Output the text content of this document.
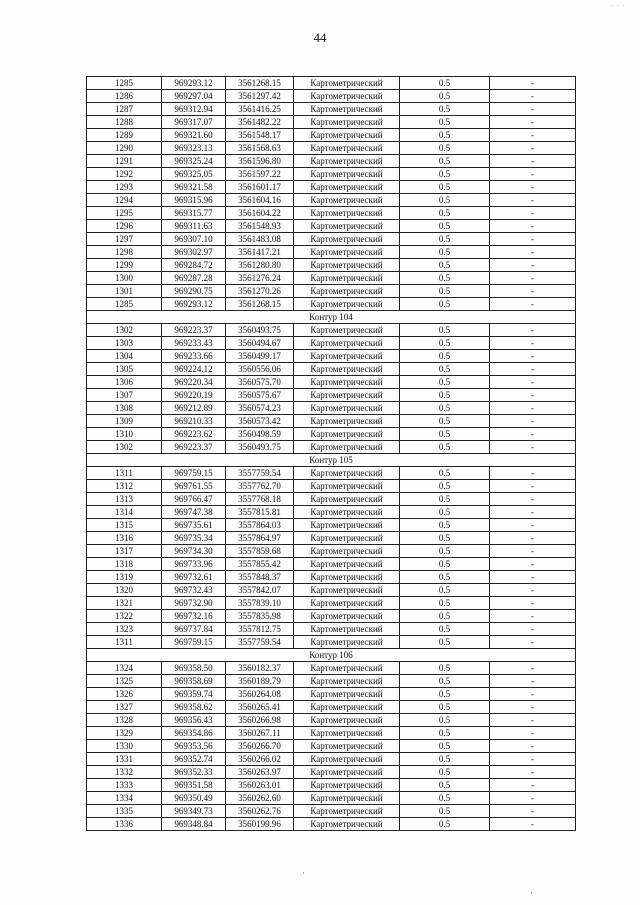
· · ·
44
1285	969293.12	3561268.15	Картометрический	0.5	-
1286	969297.04	3561297.42	Картометрический	0.5	-
1287	969312.94	3561416.25	Картометрический	0.5	-
1288	969317.07	3561482.22	Картометрический	0.5	-
1289	969321.60	3561548.17	Картометрический	0.5	-
1290	969323.13	3561568.63	Картометрический	0.5	-
1291	969325.24	3561596.80	Картометрический	0.5	-
1292	969325.05	3561597.22	Картометрический	0.5	-
1293	969321.58	3561601.17	Картометрический	0.5	-
1294	969315.96	3561604.16	Картометрический	0.5	-
1295	969315.77	3561604.22	Картометрический	0.5	-
1296	969311.63	3561548.93	Картометрический	0.5	-
1297	969307.10	3561483.08	Картометрический	0.5	-
1298	969302.97	3561417.21	Картометрический	0.5	-
1299	969284.72	3561280.80	Картометрический	0.5	-
1300	969287.28	3561276.24	Картометрический	0.5	-
1301	969290.75	3561270.26	Картометрический	0.5	-
1285	969293.12	3561268.15	Картометрический	0.5	-
Контур 104					
1302	969223.37	3560493.75	Картометрический	0.5	-
1303	969233.43	3560494.67	Картометрический	0.5	-
1304	969233.66	3560499.17	Картометрический	0.5	-
1305	969224.12	3560556.06	Картометрический	0.5	-
1306	969220.34	3560575.70	Картометрический	0.5	-
1307	969220.19	3560575.67	Картометрический	0.5	-
1308	969212.89	3560574.23	Картометрический	0.5	-
1309	969210.33	3560573.42	Картометрический	0.5	-
1310	969223.62	3560498.59	Картометрический	0.5	-
1302	969223.37	3560493.75	Картометрический	0.5	-
Контур 105					
1311	969759.15	3557759.54	Картометрический	0.5	-
1312	969761.55	3557762.70	Картометрический	0.5	-
1313	969766.47	3557768.18	Картометрический	0.5	-
1314	969747.38	3557815.81	Картометрический	0.5	-
1315	969735.61	3557864.03	Картометрический	0.5	-
1316	969735.34	3557864.97	Картометрический	0.5	-
1317	969734.30	3557859.68	Картометрический	0.5	-
1318	969733.96	3557855.42	Картометрический	0.5	-
1319	969732.61	3557848.37	Картометрический	0.5	-
1320	969732.43	3557842.07	Картометрический	0.5	-
1321	969732.90	3557839.10	Картометрический	0.5	-
1322	969732.16	3557835.98	Картометрический	0.5	-
1323	969737.84	3557812.75	Картометрический	0.5	-
1311	969759.15	3557759.54	Картометрический	0.5	-
Контур 106					
1324	969358.50	3560182.37	Картометрический	0.5	-
1325	969358.69	3560189.79	Картометрический	0.5	-
1326	969359.74	3560264.08	Картометрический	0.5	-
1327	969358.62	3560265.41	Картометрический	0.5	-
1328	969356.43	3560266.98	Картометрический	0.5	-
1329	969354.86	3560267.11	Картометрический	0.5	-
1330	969353.56	3560266.70	Картометрический	0.5	-
1331	969352.74	3560266.02	Картометрический	0.5	-
1332	969352.33	3560263.97	Картометрический	0.5	-
1333	969351.58	3560263.01	Картометрический	0.5	-
1334	969350.49	3560262.60	Картометрический	0.5	-
1335	969349.73	3560262.76	Картометрический	0.5	-
1336	969348.84	3560199.96	Картометрический	0.5	-
·
·
